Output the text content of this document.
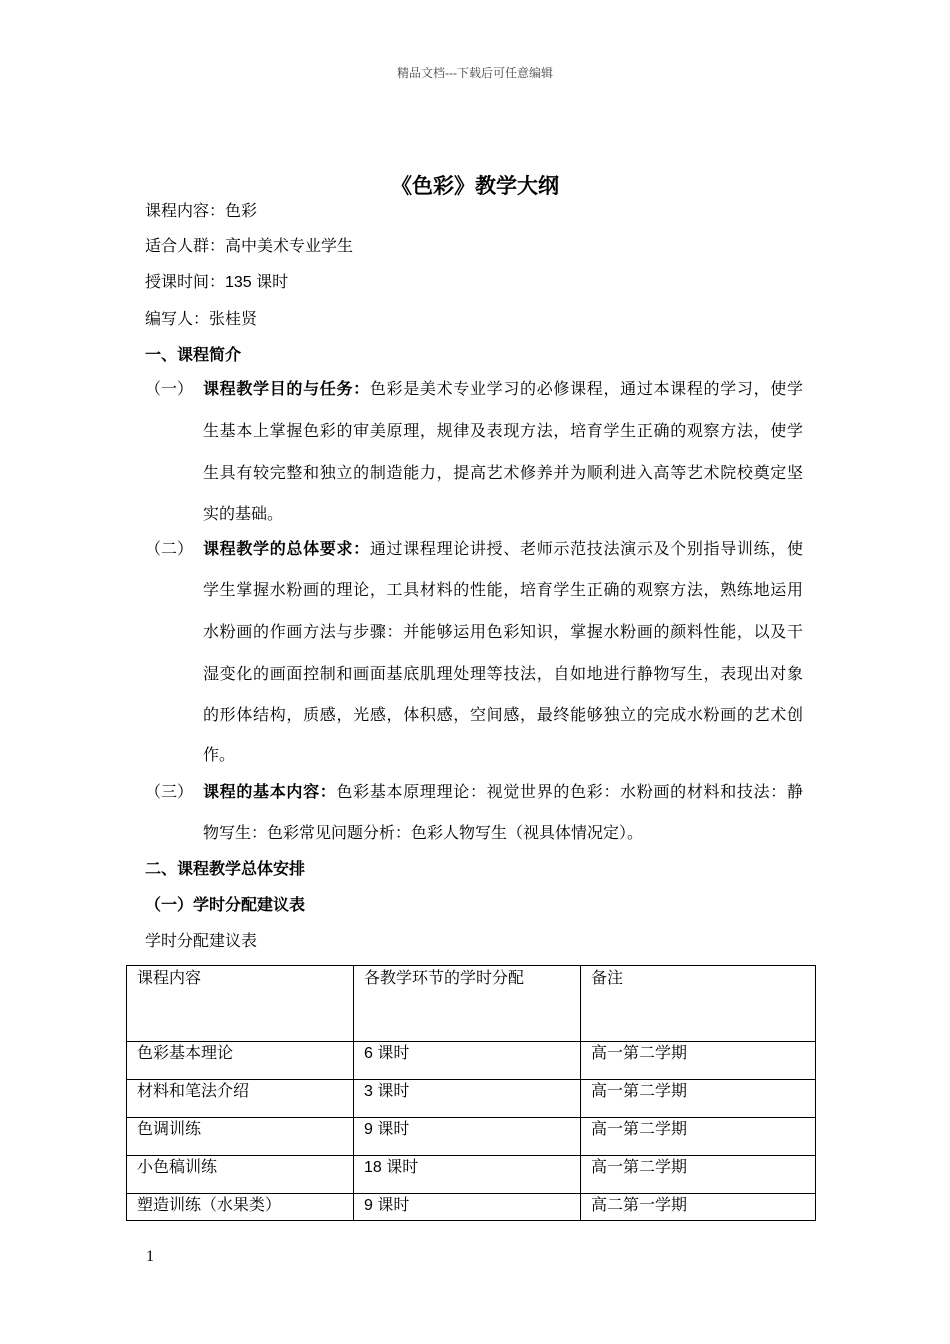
精品文档---下载后可任意编辑
《色彩》教学大纲
课程内容：色彩
适合人群：高中美术专业学生
授课时间：135 课时
编写人：张桂贤
一、课程简介
（一） 课程教学目的与任务：色彩是美术专业学习的必修课程，通过本课程的学习，使学
生基本上掌握色彩的审美原理，规律及表现方法，培育学生正确的观察方法，使学
生具有较完整和独立的制造能力，提高艺术修养并为顺利进入高等艺术院校奠定坚
实的基础。
（二） 课程教学的总体要求：通过课程理论讲授、老师示范技法演示及个别指导训练，使
学生掌握水粉画的理论，工具材料的性能，培育学生正确的观察方法，熟练地运用
水粉画的作画方法与步骤：并能够运用色彩知识，掌握水粉画的颜料性能，以及干
湿变化的画面控制和画面基底肌理处理等技法，自如地进行静物写生，表现出对象
的形体结构，质感，光感，体积感，空间感，最终能够独立的完成水粉画的艺术创
作。
（三） 课程的基本内容：色彩基本原理理论：视觉世界的色彩：水粉画的材料和技法：静
物写生：色彩常见问题分析：色彩人物写生（视具体情况定）。
二、课程教学总体安排
（一）学时分配建议表
学时分配建议表
课程内容	各教学环节的学时分配	备注
色彩基本理论	6 课时	高一第二学期
材料和笔法介绍	3 课时	高一第二学期
色调训练	9 课时	高一第二学期
小色稿训练	18 课时	高一第二学期
塑造训练（水果类）	9 课时	高二第一学期
1
